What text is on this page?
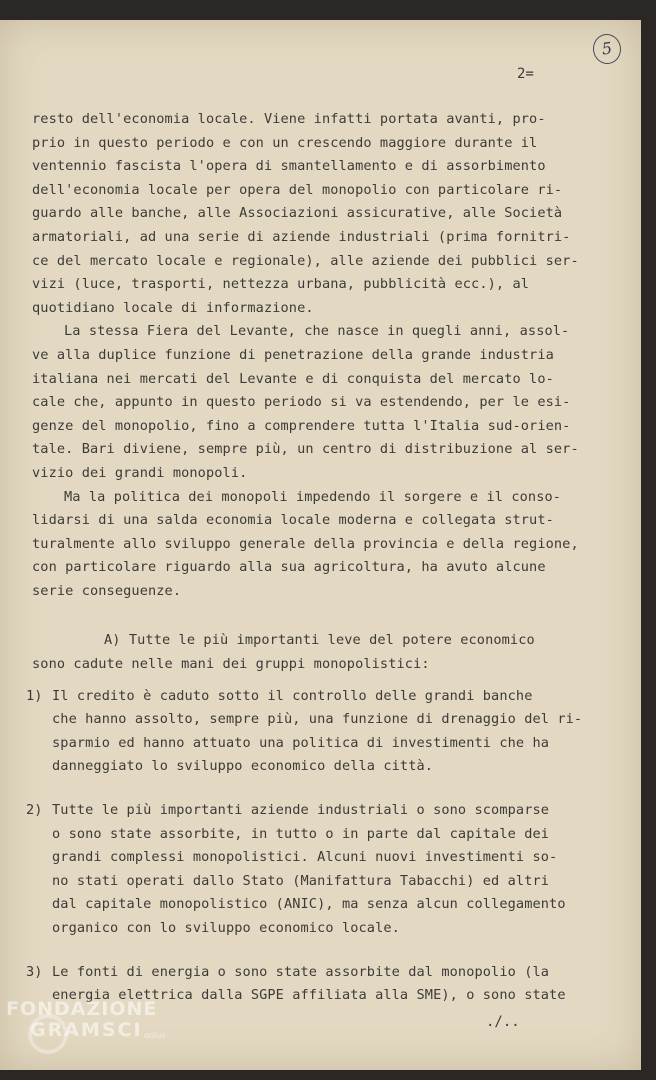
5
2=
resto dell'economia locale. Viene infatti portata avanti, pro-
prio in questo periodo e con un crescendo maggiore durante il
ventennio fascista l'opera di smantellamento e di assorbimento
dell'economia locale per opera del monopolio con particolare ri-
guardo alle banche, alle Associazioni assicurative, alle Società
armatoriali, ad una serie di aziende industriali (prima fornitri-
ce del mercato locale e regionale), alle aziende dei pubblici ser-
vizi (luce, trasporti, nettezza urbana, pubblicità ecc.), al
quotidiano locale di informazione.
La stessa Fiera del Levante, che nasce in quegli anni, assol-
ve alla duplice funzione di penetrazione della grande industria
italiana nei mercati del Levante e di conquista del mercato lo-
cale che, appunto in questo periodo si va estendendo, per le esi-
genze del monopolio, fino a comprendere tutta l'Italia sud-orien-
tale. Bari diviene, sempre più, un centro di distribuzione al ser-
vizio dei grandi monopoli.
Ma la politica dei monopoli impedendo il sorgere e il conso-
lidarsi di una salda economia locale moderna e collegata strut-
turalmente allo sviluppo generale della provincia e della regione,
con particolare riguardo alla sua agricoltura, ha avuto alcune
serie conseguenze.
A) Tutte le più importanti leve del potere economico
sono cadute nelle mani dei gruppi monopolistici:
1) Il credito è caduto sotto il controllo delle grandi banche
che hanno assolto, sempre più, una funzione di drenaggio del ri-
sparmio ed hanno attuato una politica di investimenti che ha
danneggiato lo sviluppo economico della città.
2) Tutte le più importanti aziende industriali o sono scomparse
o sono state assorbite, in tutto o in parte dal capitale dei
grandi complessi monopolistici. Alcuni nuovi investimenti so-
no stati operati dallo Stato (Manifattura Tabacchi) ed altri
dal capitale monopolistico (ANIC), ma senza alcun collegamento
organico con lo sviluppo economico locale.
3) Le fonti di energia o sono state assorbite dal monopolio (la
energia elettrica dalla SGPE affiliata alla SME), o sono state
./..
FONDAZIONE
GRAMSCI onlus
